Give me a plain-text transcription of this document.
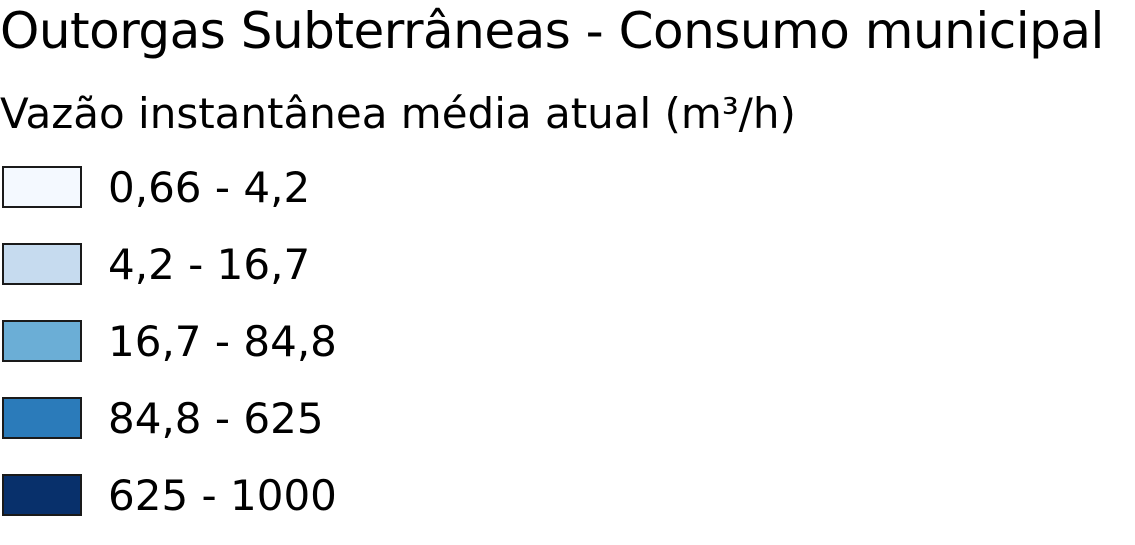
Outorgas Subterrâneas - Consumo municipal
Vazão instantânea média atual (m³/h)
0,66 - 4,2
4,2 - 16,7
16,7 - 84,8
84,8 - 625
625 - 1000
